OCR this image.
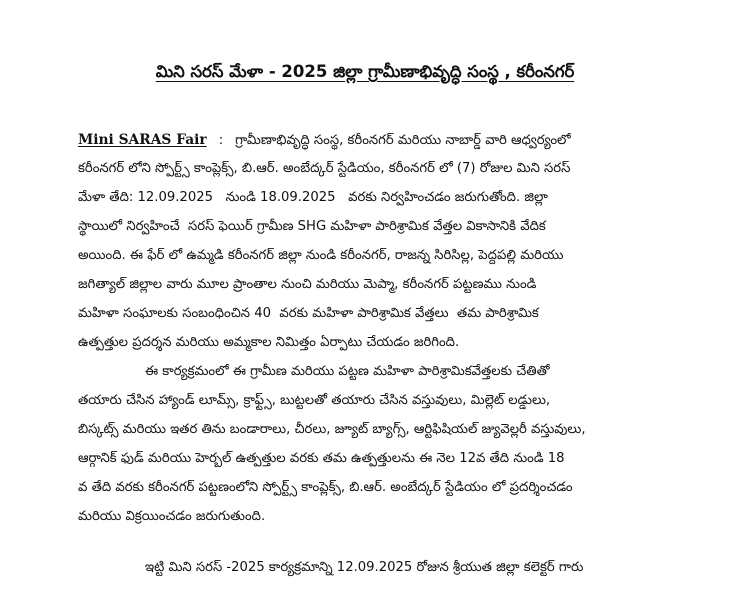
మిని సరస్ మేళా - 2025 జిల్లా గ్రామీణాభివృద్ధి సంస్థ , కరీంనగర్
Mini SARAS Fair : గ్రామీణాభివృద్ధి సంస్థ, కరీంనగర్ మరియు నాబార్డ్ వారి ఆధ్వర్యంలో
కరీంనగర్ లోని స్పోర్ట్స్ కాంప్లెక్స్, బి.ఆర్. అంబేద్కర్ స్టేడియం, కరీంనగర్ లో (7) రోజుల మిని సరస్
మేళా తేది: 12.09.2025   నుండి 18.09.2025   వరకు నిర్వహించడం జరుగుతోంది. జిల్లా
స్థాయిలో నిర్వహించే  సరస్ ఫెయిర్ గ్రామీణ SHG మహిళా పారిశ్రామిక వేత్తల వికాసానికి వేదిక
అయింది. ఈ ఫేర్ లో ఉమ్మడి కరీంనగర్ జిల్లా నుండి కరీంనగర్, రాజన్న సిరిసిల్ల, పెద్దపల్లి మరియు
జగిత్యాల్ జిల్లాల వారు మూల ప్రాంతాల నుంచి మరియు మెప్మా, కరీంనగర్ పట్టణము నుండి
మహిళా సంఘాలకు సంబంధించిన 40  వరకు మహిళా పారిశ్రామిక వేత్తలు  తమ పారిశ్రామిక
ఉత్పత్తుల ప్రదర్శన మరియు అమ్మకాల నిమిత్తం ఏర్పాటు చేయడం జరిగింది.
ఈ కార్యక్రమంలో ఈ గ్రామీణ మరియు పట్టణ మహిళా పారిశ్రామికవేత్తలకు చేతితో
తయారు చేసిన హ్యాండ్ లూమ్స్, క్రాఫ్ట్స్, బుట్టలతో తయారు చేసిన వస్తువులు, మిల్లెట్ లడ్డులు,
బిస్కట్స్ మరియు ఇతర తిను బండారాలు, చీరలు, జ్యూట్ బ్యాగ్స్, ఆర్టిఫిషియల్ జ్యువెల్లరీ వస్తువులు,
ఆర్గానిక్ ఫుడ్ మరియు హెర్బల్ ఉత్పత్తుల వరకు తమ ఉత్పత్తులను ఈ నెల 12వ తేది నుండి 18
వ తేది వరకు కరీంనగర్ పట్టణంలోని స్పోర్ట్స్ కాంప్లెక్స్, బి.ఆర్. అంబేద్కర్ స్టేడియం లో ప్రదర్శించడం
మరియు విక్రయించడం జరుగుతుంది.
ఇట్టి మిని సరస్ -2025 కార్యక్రమాన్ని 12.09.2025 రోజున శ్రీయుత జిల్లా కలెక్టర్ గారు
